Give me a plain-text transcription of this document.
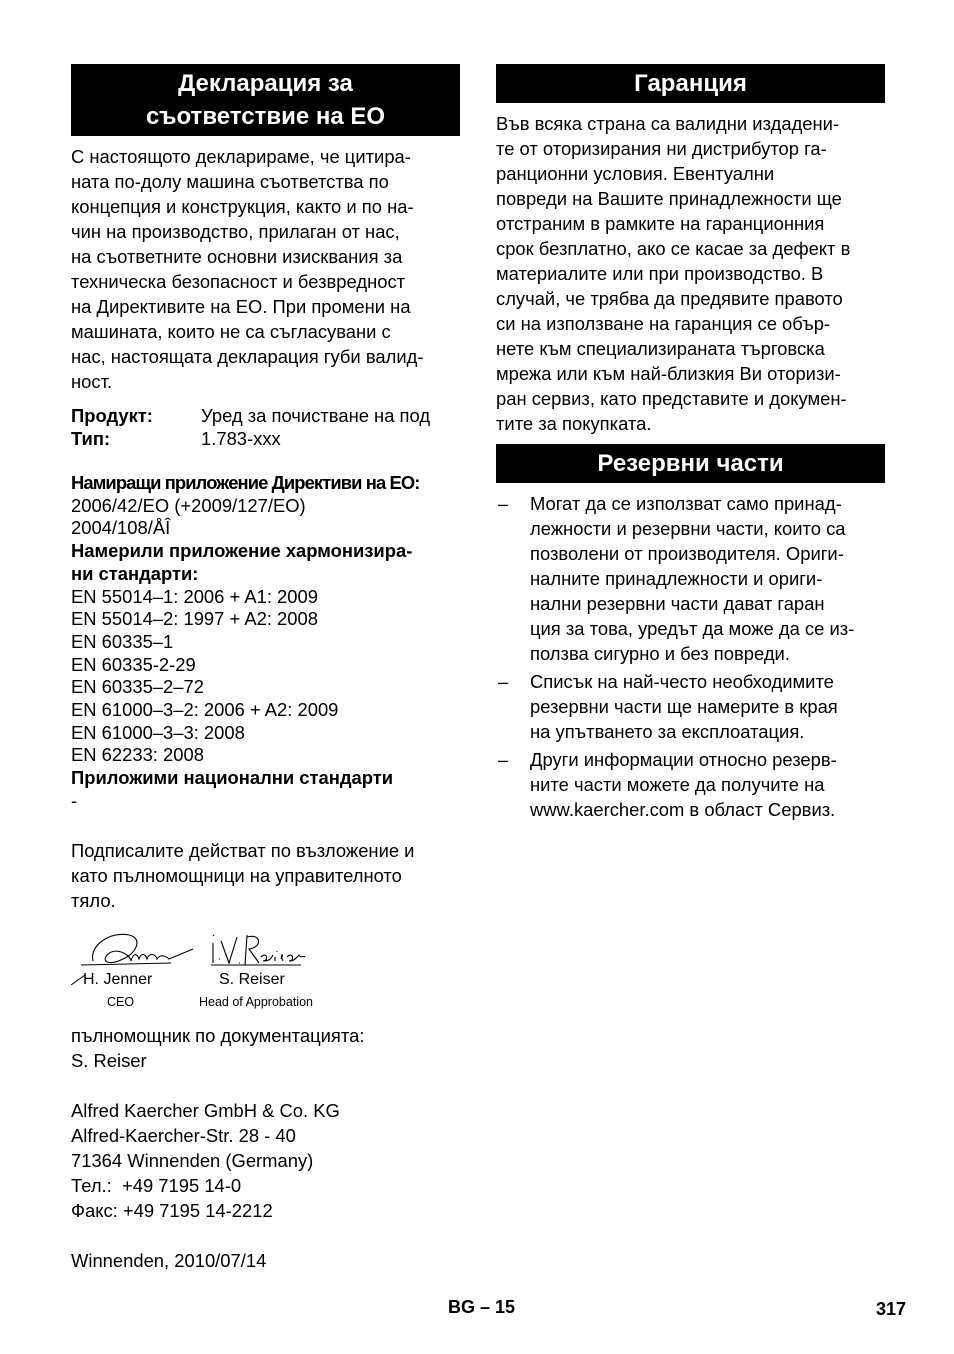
Декларация за
съответствие на ЕО
С настоящото декларираме, че цитира-
ната по-долу машина съответства по
концепция и конструкция, както и по на-
чин на производство, прилаган от нас,
на съответните основни изисквания за
техническа безопасност и безвредност
на Директивите на ЕО. При промени на
машината, които не са съгласувани с
нас, настоящата декларация губи валид-
ност.
Продукт:	Уред за почистване на под
Тип:	1.783-xxx
Намиращи приложение Директиви на ЕО:
2006/42/ЕО (+2009/127/ЕО)
2004/108/ÅÎ
Намерили приложение хармонизира-
ни стандарти:
EN 55014–1: 2006 + A1: 2009
EN 55014–2: 1997 + A2: 2008
EN 60335–1
EN 60335-2-29
EN 60335–2–72
EN 61000–3–2: 2006 + A2: 2009
EN 61000–3–3: 2008
EN 62233: 2008
Приложими национални стандарти
-
Подписалите действат по възложение и
като пълномощници на управителното
тяло.
H. Jenner
CEO
S. Reiser
Head of Approbation
пълномощник по документацията:
S. Reiser
Alfred Kaercher GmbH & Co. KG
Alfred-Kaercher-Str. 28 - 40
71364 Winnenden (Germany)
Тел.:  +49 7195 14-0
Факс: +49 7195 14-2212
Winnenden, 2010/07/14
Гаранция
Във всяка страна са валидни издадени-
те от оторизирания ни дистрибутор га-
ранционни условия. Евентуални
повреди на Вашите принадлежности ще
отстраним в рамките на гаранционния
срок безплатно, ако се касае за дефект в
материалите или при производство. В
случай, че трябва да предявите правото
си на използване на гаранция се обър-
нете към специализираната търговска
мрежа или към най-близкия Ви оторизи-
ран сервиз, като представите и докумен-
тите за покупката.
Резервни части
–	Могат да се използват само принад-
лежности и резервни части, които са
позволени от производителя. Ориги-
налните принадлежности и ориги-
нални резервни части дават гаран
ция за това, уредът да може да се из-
ползва сигурно и без повреди.
–	Списък на най-често необходимите
резервни части ще намерите в края
на упътването за експлоатация.
–	Други информации относно резерв-
ните части можете да получите на
www.kaercher.com в област Сервиз.
BG – 15	317
